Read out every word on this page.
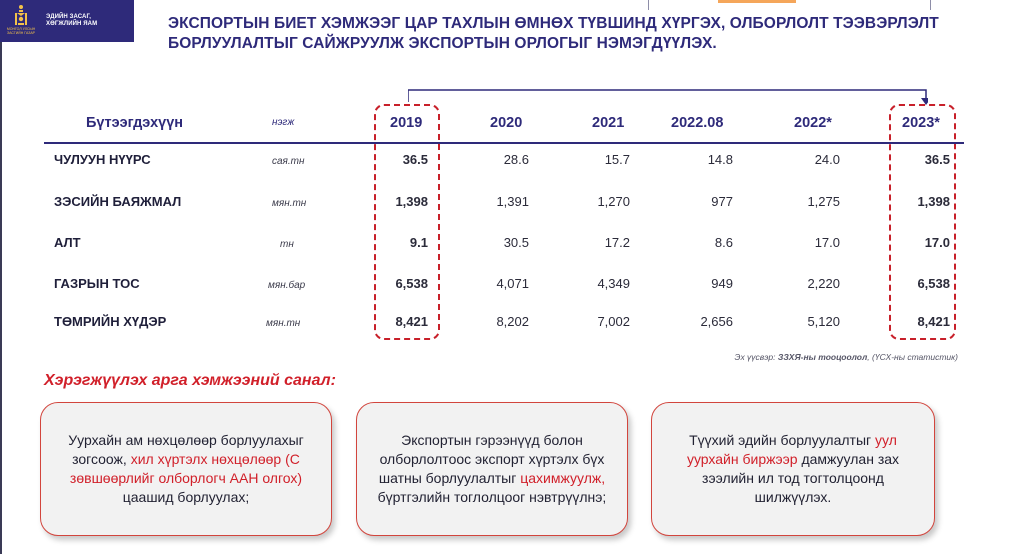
МОНГОЛ УЛСЫН ЗАСГИЙН ГАЗАР
ЭДИЙН ЗАСАГ,
ХӨГЖЛИЙН ЯАМ	ЭКСПОРТЫН БИЕТ ХЭМЖЭЭГ ЦАР ТАХЛЫН ӨМНӨХ ТҮВШИНД ХҮРГЭХ, ОЛБОРЛОЛТ ТЭЭВЭРЛЭЛТ
БОРЛУУЛАЛТЫГ САЙЖРУУЛЖ ЭКСПОРТЫН ОРЛОГЫГ НЭМЭГДҮҮЛЭХ.
Бүтээгдэхүүн	нэгж	2019	2020	2021	2022.08	2022*	2023*
ЧУЛУУН НҮҮРС	сая.тн	36.5	28.6	15.7	14.8	24.0	36.5
ЗЭСИЙН БАЯЖМАЛ	мян.тн	1,398	1,391	1,270	977	1,275	1,398
АЛТ	тн	9.1	30.5	17.2	8.6	17.0	17.0
ГАЗРЫН ТОС	мян.бар	6,538	4,071	4,349	949	2,220	6,538
ТӨМРИЙН ХҮДЭР	мян.тн	8,421	8,202	7,002	2,656	5,120	8,421
Эх үүсвэр: ЗЗХЯ-ны тооцоолол, (ҮСХ-ны статистик)
Хэрэгжүүлэх арга хэмжээний санал:
Уурхайн ам нөхцөлөөр борлуулахыг зогсоож, хил хүртэлх нөхцөлөөр (С зөвшөөрлийг олборлогч ААН олгох) цаашид борлуулах;
Экспортын гэрээнүүд болон олборлолтоос экспорт хүртэлх бүх шатны борлуулалтыг цахимжуулж, бүртгэлийн тоглолцоог нэвтрүүлнэ;
Түүхий эдийн борлуулалтыг уул уурхайн биржээр дамжуулан зах зээлийн ил тод тогтолцоонд шилжүүлэх.
